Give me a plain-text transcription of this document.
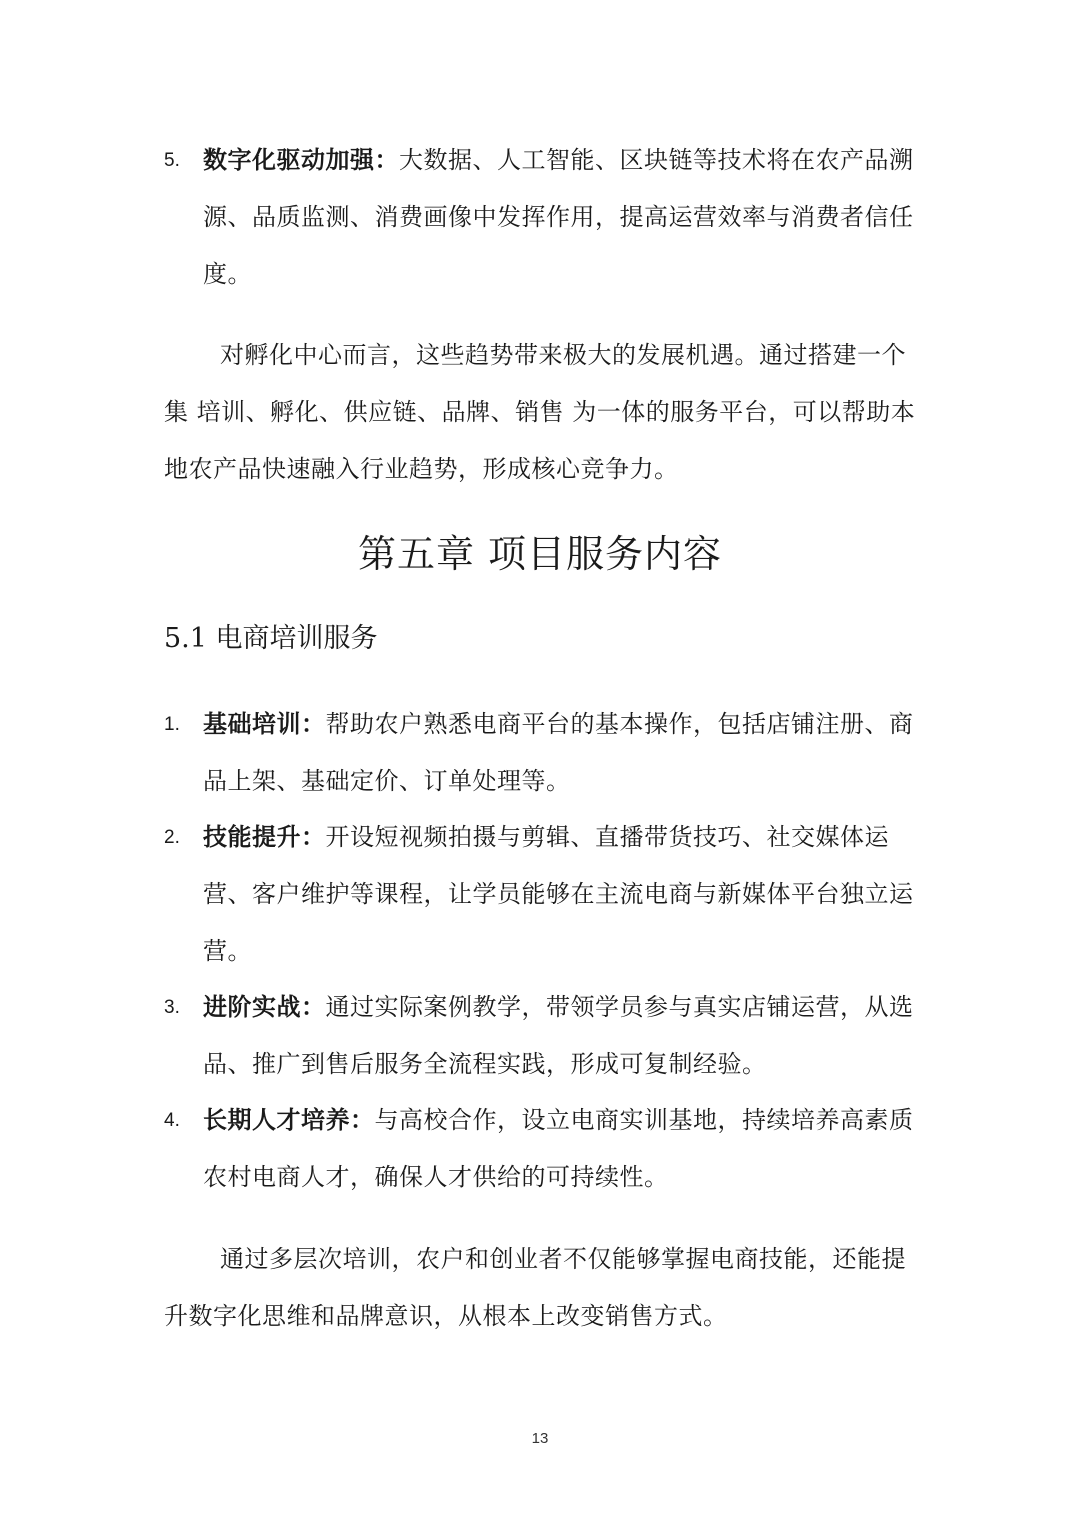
5. 数字化驱动加强：大数据、人工智能、区块链等技术将在农产品溯源、品质监测、消费画像中发挥作用，提高运营效率与消费者信任度。

对孵化中心而言，这些趋势带来极大的发展机遇。通过搭建一个集 培训、孵化、供应链、品牌、销售 为一体的服务平台，可以帮助本地农产品快速融入行业趋势，形成核心竞争力。

第五章 项目服务内容
5.1 电商培训服务
1. 基础培训：帮助农户熟悉电商平台的基本操作，包括店铺注册、商品上架、基础定价、订单处理等。
2. 技能提升：开设短视频拍摄与剪辑、直播带货技巧、社交媒体运营、客户维护等课程，让学员能够在主流电商与新媒体平台独立运营。
3. 进阶实战：通过实际案例教学，带领学员参与真实店铺运营，从选品、推广到售后服务全流程实践，形成可复制经验。
4. 长期人才培养：与高校合作，设立电商实训基地，持续培养高素质农村电商人才，确保人才供给的可持续性。

通过多层次培训，农户和创业者不仅能够掌握电商技能，还能提升数字化思维和品牌意识，从根本上改变销售方式。

13
